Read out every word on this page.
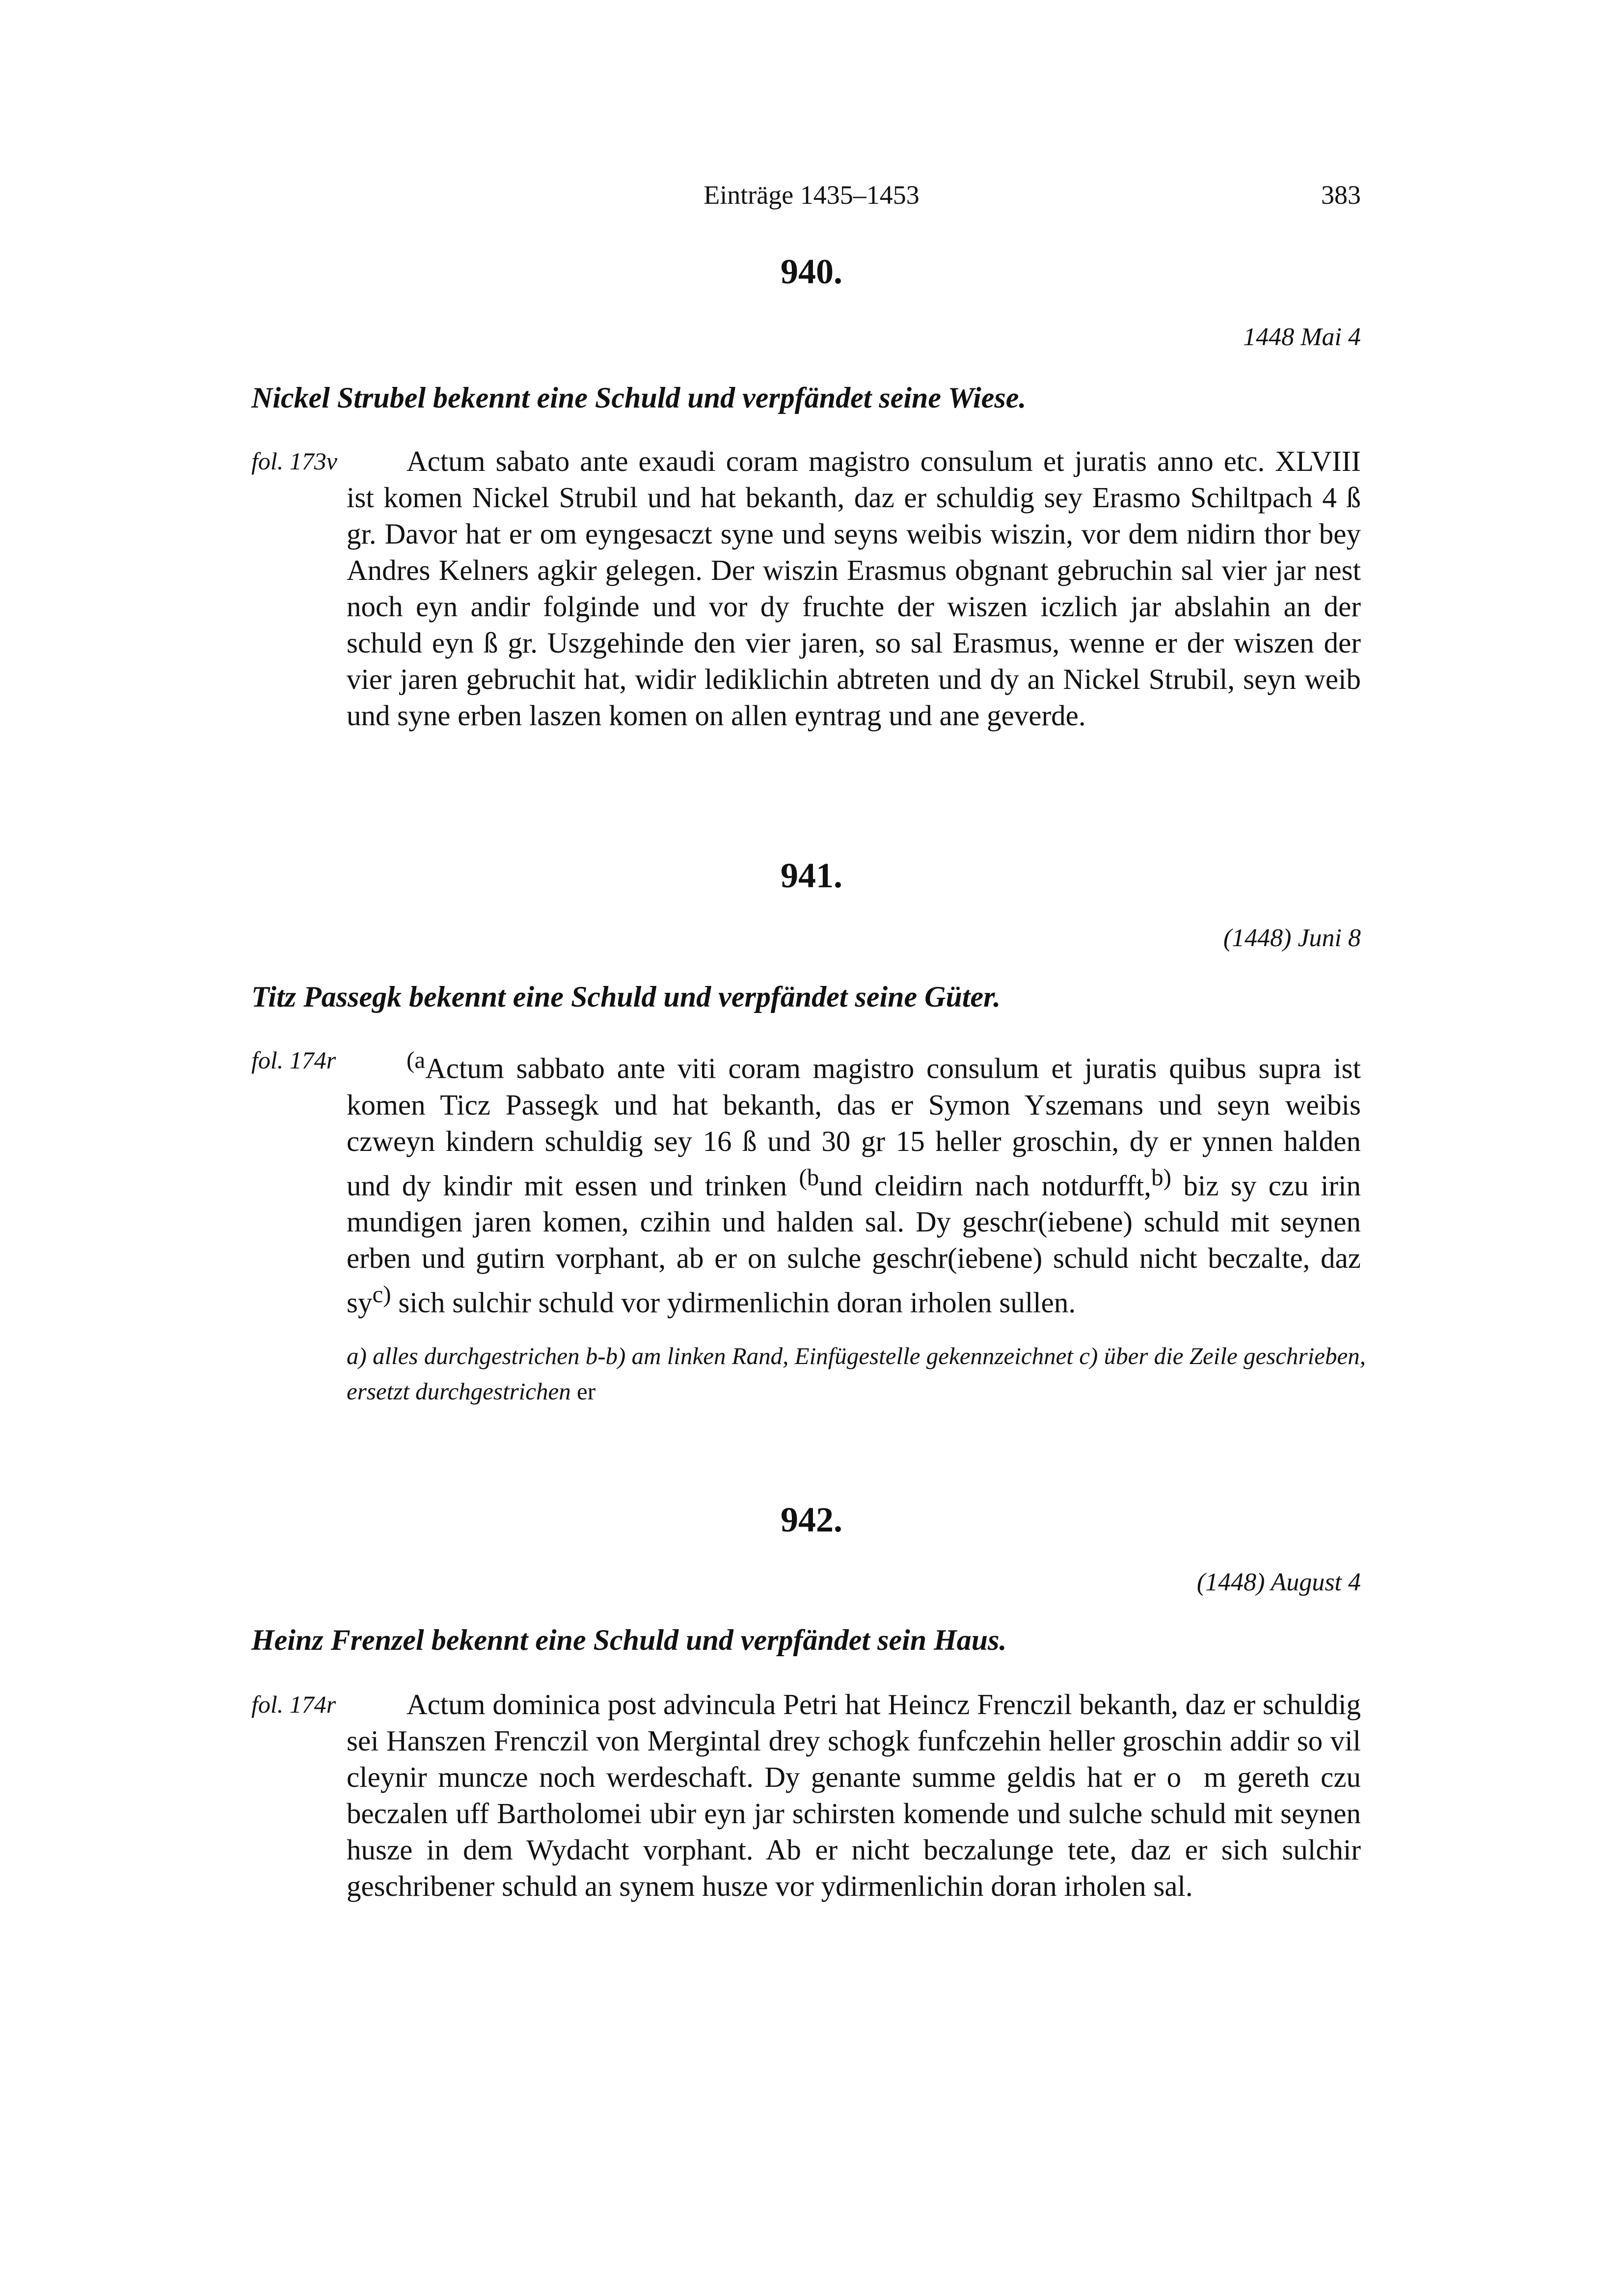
Einträge 1435–1453	383
940.
1448 Mai 4
Nickel Strubel bekennt eine Schuld und verpfändet seine Wiese.
fol. 173v	Actum sabato ante exaudi coram magistro consulum et juratis anno etc. XLVIII ist komen Nickel Strubil und hat bekanth, daz er schuldig sey Erasmo Schiltpach 4 ß gr. Davor hat er om eyngesaczt syne und seyns weibis wiszin, vor dem nidirn thor bey Andres Kelners agkir gelegen. Der wiszin Erasmus obgnant gebruchin sal vier jar nest noch eyn andir folginde und vor dy fruchte der wiszen iczlich jar abslahin an der schuld eyn ß gr. Uszgehinde den vier jaren, so sal Erasmus, wenne er der wiszen der vier jaren gebruchit hat, widir lediklichin abtreten und dy an Nickel Strubil, seyn weib und syne erben laszen komen on allen eyntrag und ane geverde.

941.
(1448) Juni 8
Titz Passegk bekennt eine Schuld und verpfändet seine Güter.
fol. 174r	$^{(a}$Actum sabbato ante viti coram magistro consulum et juratis quibus supra ist komen Ticz Passegk und hat bekanth, das er Symon Yszemans und seyn weibis czweyn kindern schuldig sey 16 ß und 30 gr 15 heller groschin, dy er ynnen halden und dy kindir mit essen und trinken $^{(b}$und cleidirn nach notdurfft,$^{b)}$ biz sy czu irin mundigen jaren komen, czihin und halden sal. Dy geschr(iebene) schuld mit seynen erben und gutirn vorphant, ab er on sulche geschr(iebene) schuld nicht beczalte, daz $sy^{c)}$ sich sulchir schuld vor ydirmenlichin doran irholen sullen.

a) alles durchgestrichen b-b) am linken Rand, Einfügestelle gekennzeichnet c) über die Zeile geschrieben, ersetzt durchgestrichen er

942.
(1448) August 4
Heinz Frenzel bekennt eine Schuld und verpfändet sein Haus.
fol. 174r	Actum dominica post advincula Petri hat Heincz Frenczil bekanth, daz er schuldig sei Hanszen Frenczil von Mergintal drey schogk funfczehin heller groschin addir so vil cleynir muncze noch werdeschaft. Dy genante summe geldis hat er oᷫm gereth czu beczalen uff Bartholomei ubir eyn jar schirsten komende und sulche schuld mit seynen husze in dem Wydacht vorphant. Ab er nicht beczalunge tete, daz er sich sulchir geschribener schuld an synem husze vor ydirmenlichin doran irholen sal.
